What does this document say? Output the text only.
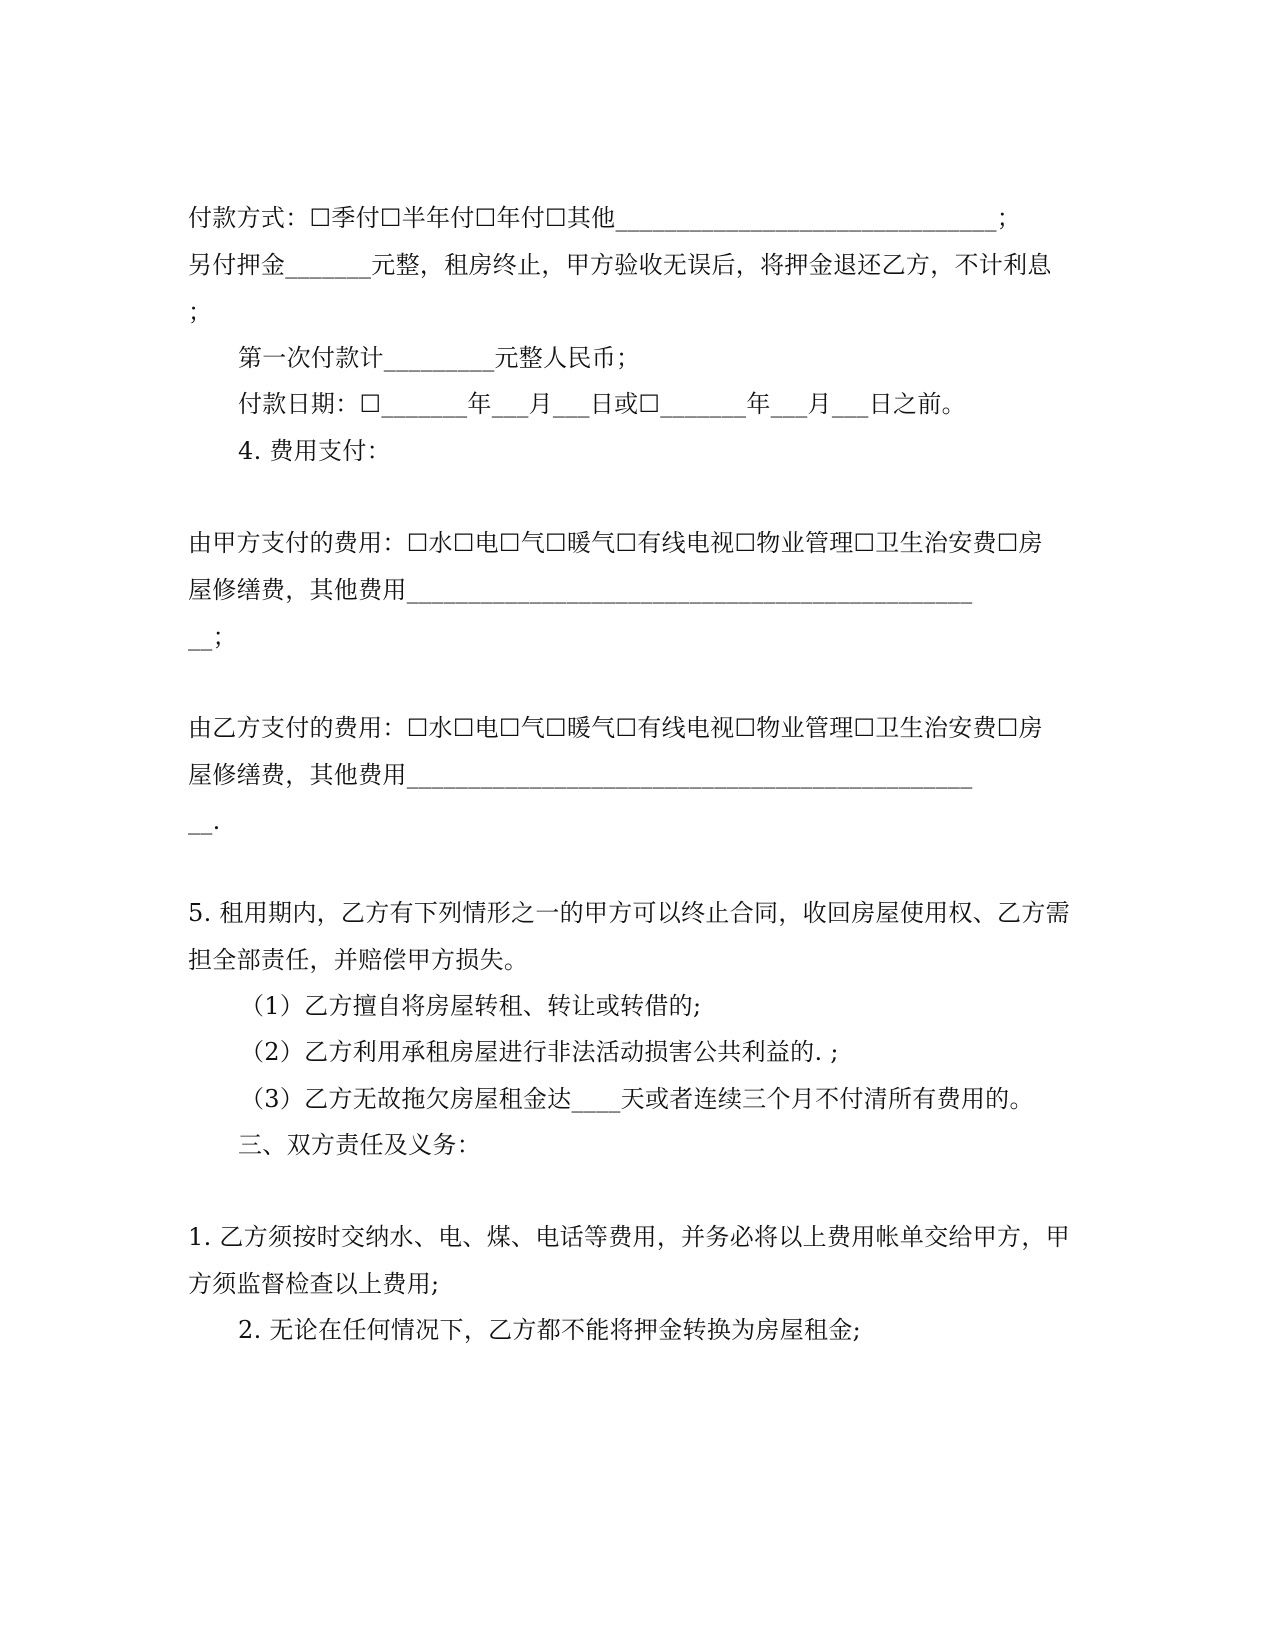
付款方式：☐季付☐半年付☐年付☐其他_______________________________；
另付押金_______元整，租房终止，甲方验收无误后，将押金退还乙方，不计利息
；
第一次付款计_________元整人民币；
付款日期：☐_______年___月___日或☐_______年___月___日之前。
4. 费用支付：
由甲方支付的费用：☐水☐电☐气☐暖气☐有线电视☐物业管理☐卫生治安费☐房
屋修缮费，其他费用______________________________________________
__；
由乙方支付的费用：☐水☐电☐气☐暖气☐有线电视☐物业管理☐卫生治安费☐房
屋修缮费，其他费用______________________________________________
__.
5. 租用期内，乙方有下列情形之一的甲方可以终止合同，收回房屋使用权、乙方需
担全部责任，并赔偿甲方损失。
（1）乙方擅自将房屋转租、转让或转借的;
（2）乙方利用承租房屋进行非法活动损害公共利益的. ;
（3）乙方无故拖欠房屋租金达____天或者连续三个月不付清所有费用的。
三、双方责任及义务：
1. 乙方须按时交纳水、电、煤、电话等费用，并务必将以上费用帐单交给甲方，甲
方须监督检查以上费用;
2. 无论在任何情况下，乙方都不能将押金转换为房屋租金;
